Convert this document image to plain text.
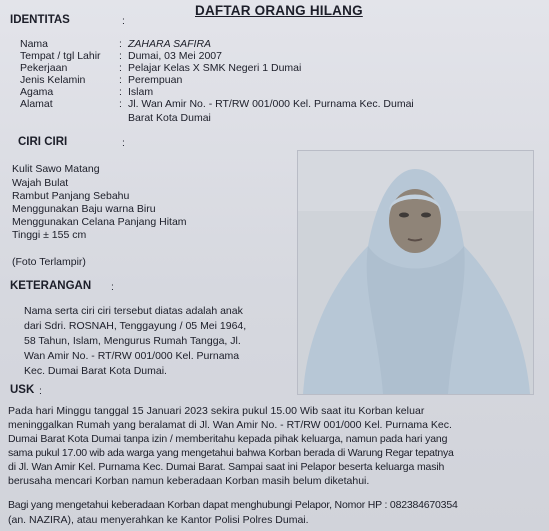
DAFTAR ORANG HILANG
IDENTITAS	:
Nama	: ZAHARA SAFIRA
Tempat / tgl Lahir : Dumai, 03 Mei 2007
Pekerjaan	: Pelajar Kelas X SMK Negeri 1 Dumai
Jenis Kelamin	: Perempuan
Agama	: Islam
Alamat	: Jl. Wan Amir No. - RT/RW 001/000 Kel. Purnama Kec. Dumai
Barat Kota Dumai
CIRI CIRI	:
Kulit Sawo Matang
Wajah Bulat
Rambut Panjang Sebahu
Menggunakan Baju warna Biru
Menggunakan Celana Panjang Hitam
Tinggi ± 155 cm
(Foto Terlampir)
KETERANGAN :
Nama serta ciri ciri tersebut diatas adalah anak
dari Sdri. ROSNAH, Tenggayung / 05 Mei 1964,
58 Tahun, Islam, Mengurus Rumah Tangga, Jl.
Wan Amir No. - RT/RW 001/000 Kel. Purnama
Kec. Dumai Barat Kota Dumai.
USK :
Pada hari Minggu tanggal 15 Januari 2023 sekira pukul 15.00 Wib saat itu Korban keluar
meninggalkan Rumah yang beralamat di Jl. Wan Amir No. - RT/RW 001/000 Kel. Purnama Kec.
Dumai Barat Kota Dumai tanpa izin / memberitahu kepada pihak keluarga, namun pada hari yang
sama pukul 17.00 wib ada warga yang mengetahui bahwa Korban berada di Warung Regar tepatnya
di Jl. Wan Amir Kel. Purnama Kec. Dumai Barat. Sampai saat ini Pelapor beserta keluarga masih
berusaha mencari Korban namun keberadaan Korban masih belum diketahui.
Bagi yang mengetahui keberadaan Korban dapat menghubungi Pelapor, Nomor HP : 082384670354
(an. NAZIRA), atau menyerahkan ke Kantor Polisi Polres Dumai.
